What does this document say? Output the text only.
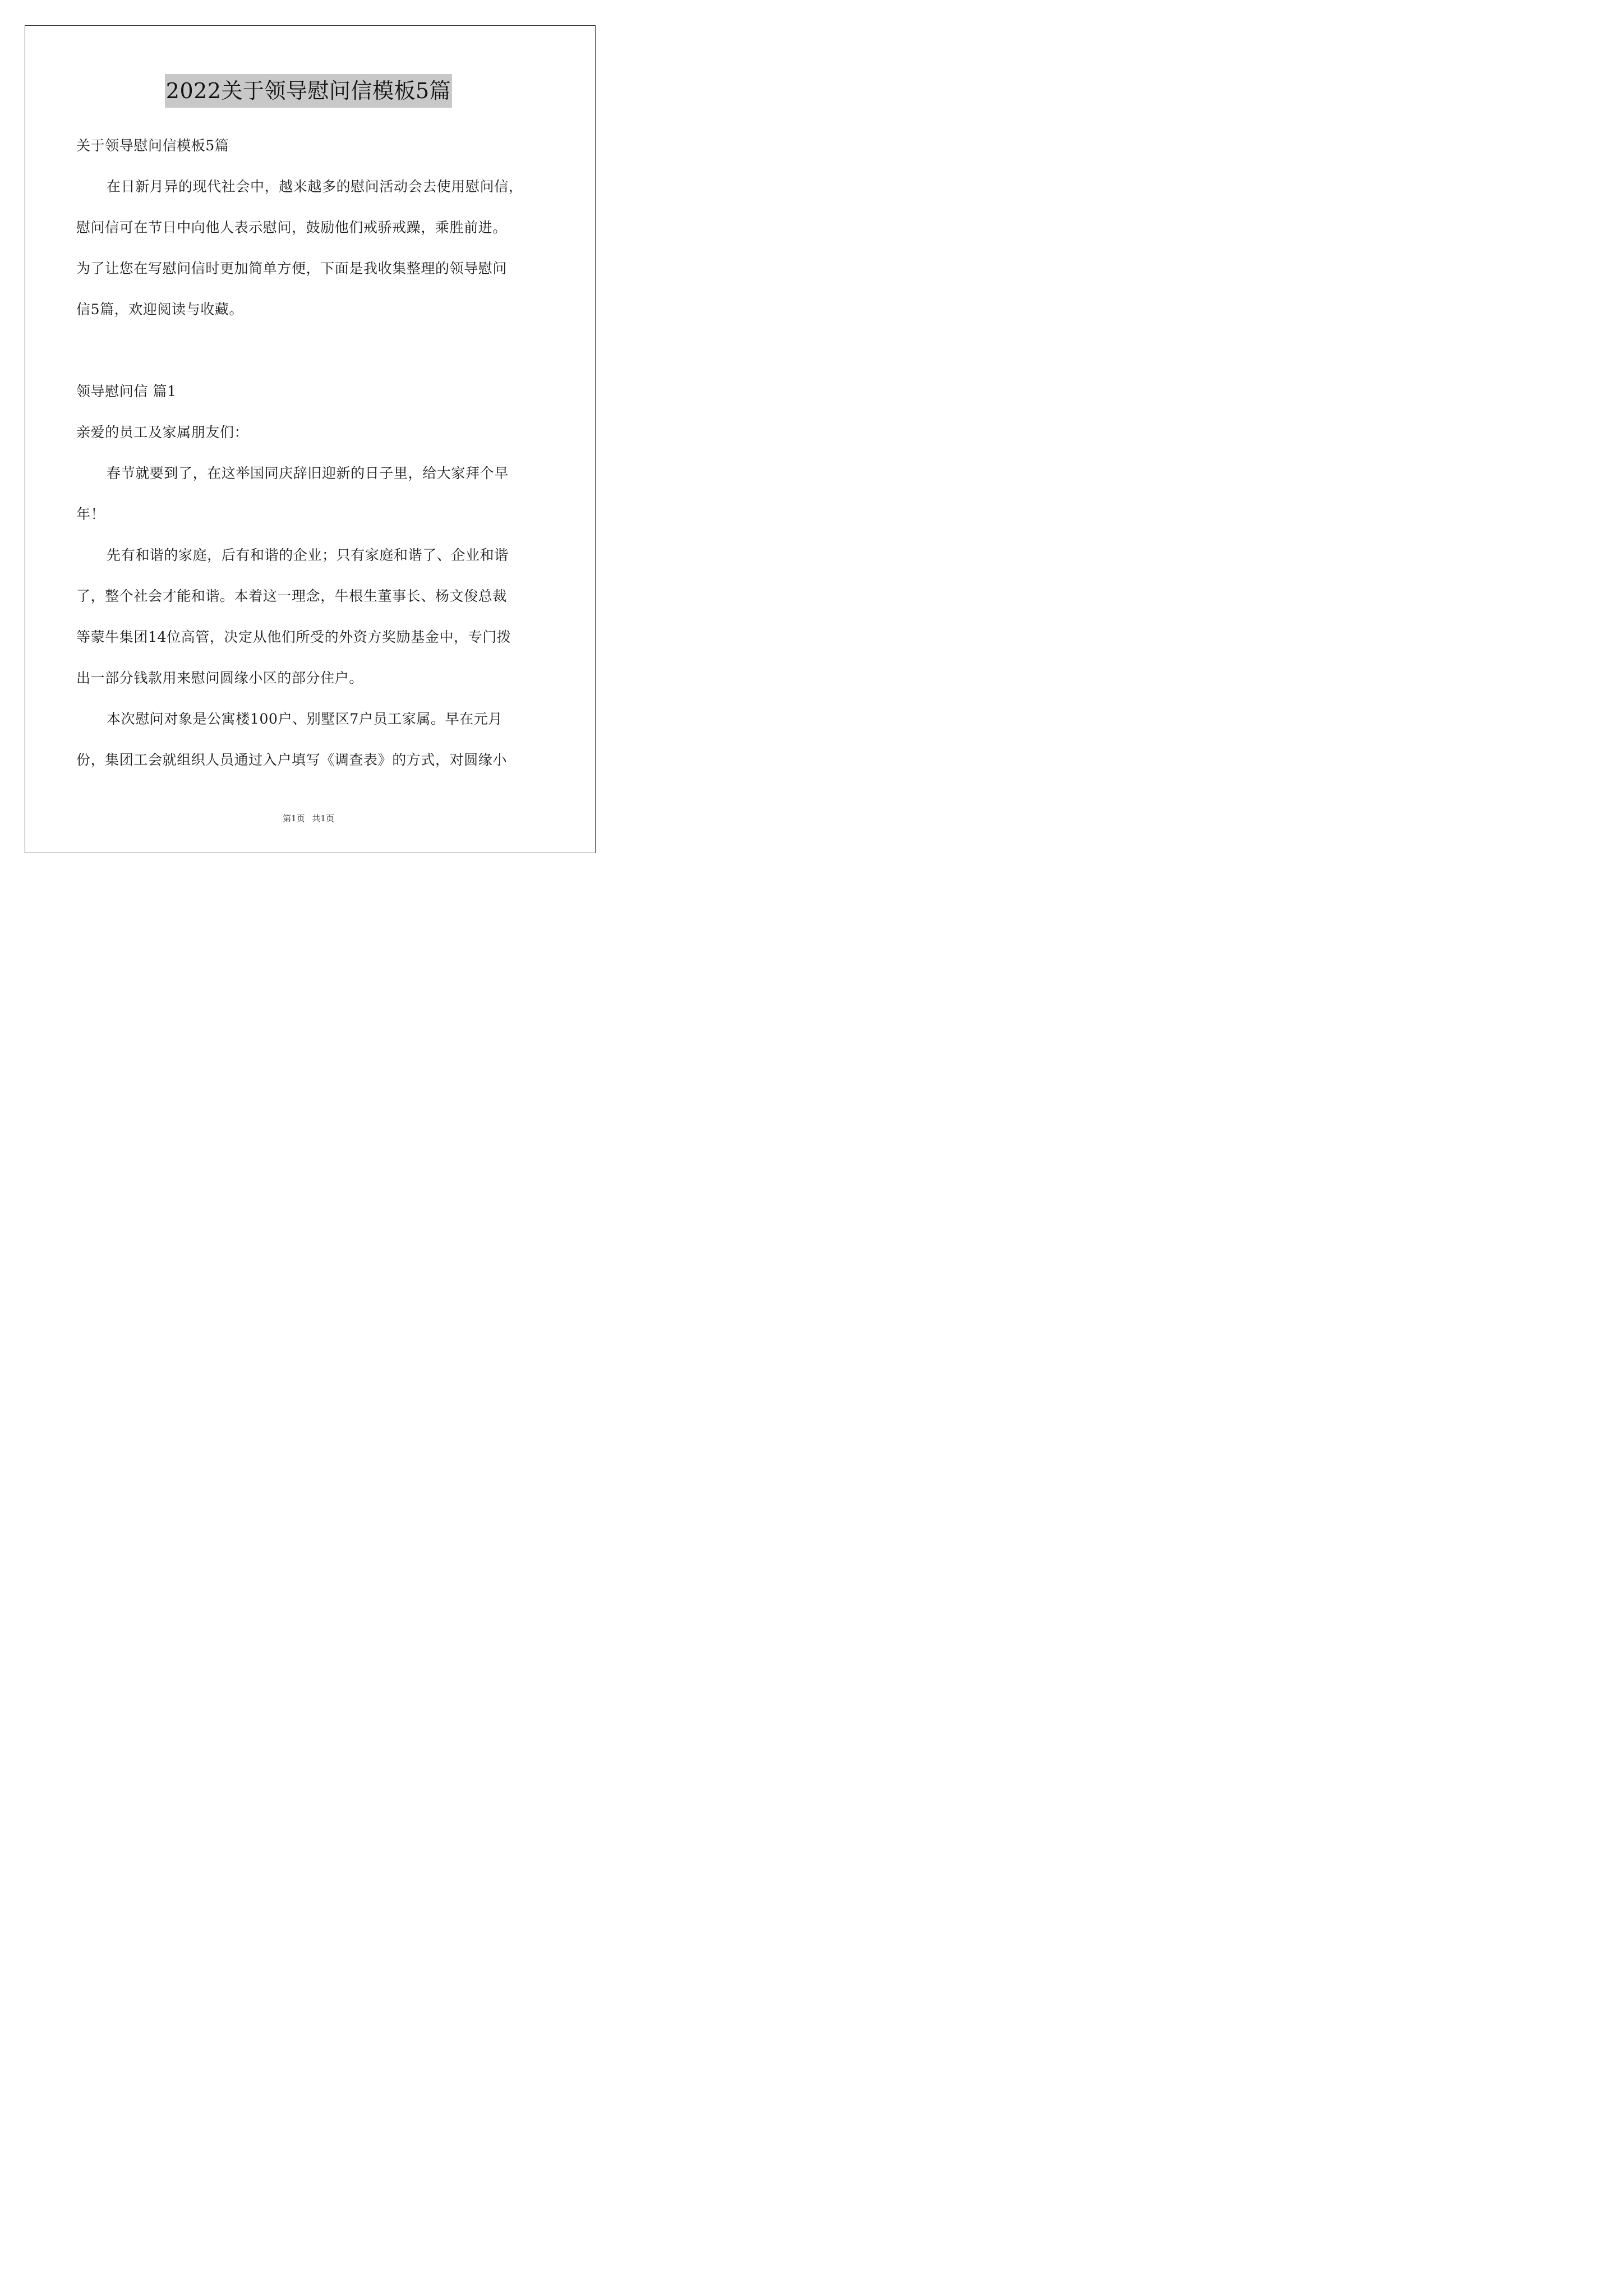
2022关于领导慰问信模板5篇
关于领导慰问信模板5篇
在日新月异的现代社会中，越来越多的慰问活动会去使用慰问信，
慰问信可在节日中向他人表示慰问，鼓励他们戒骄戒躁，乘胜前进。
为了让您在写慰问信时更加简单方便，下面是我收集整理的领导慰问
信5篇，欢迎阅读与收藏。
领导慰问信 篇1
亲爱的员工及家属朋友们：
春节就要到了，在这举国同庆辞旧迎新的日子里，给大家拜个早
年！
先有和谐的家庭，后有和谐的企业；只有家庭和谐了、企业和谐
了，整个社会才能和谐。本着这一理念，牛根生董事长、杨文俊总裁
等蒙牛集团14位高管，决定从他们所受的外资方奖励基金中，专门拨
出一部分钱款用来慰问圆缘小区的部分住户。
本次慰问对象是公寓楼100户、别墅区7户员工家属。早在元月
份，集团工会就组织人员通过入户填写《调查表》的方式，对圆缘小
第1页 共1页
